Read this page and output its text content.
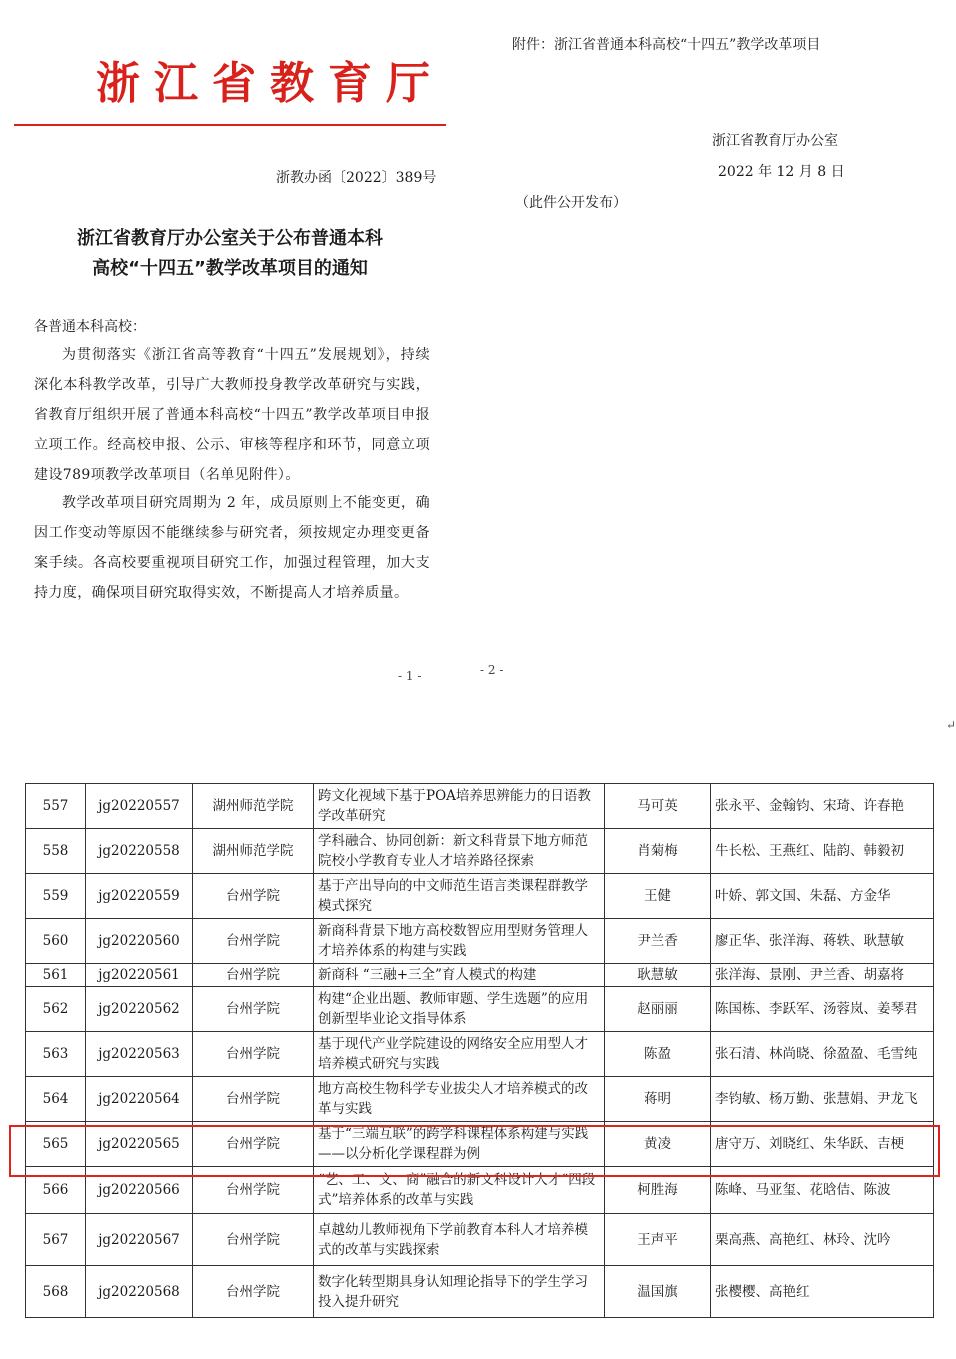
附件：浙江省普通本科高校“十四五”教学改革项目
浙江省教育厅
浙江省教育厅办公室
浙教办函〔2022〕389号	2022 年 12 月 8 日
（此件公开发布）
浙江省教育厅办公室关于公布普通本科
高校“十四五”教学改革项目的通知
各普通本科高校：
为贯彻落实《浙江省高等教育“十四五”发展规划》，持续深化本科教学改革，引导广大教师投身教学改革研究与实践，省教育厅组织开展了普通本科高校“十四五”教学改革项目申报立项工作。经高校申报、公示、审核等程序和环节，同意立项建设789项教学改革项目（名单见附件）。
教学改革项目研究周期为 2 年，成员原则上不能变更，确因工作变动等原因不能继续参与研究者，须按规定办理变更备案手续。各高校要重视项目研究工作，加强过程管理，加大支持力度，确保项目研究取得实效，不断提高人才培养质量。
- 1 -	- 2 -
↵
557	jg20220557	湖州师范学院	跨文化视域下基于POA培养思辨能力的日语教学改革研究	马可英	张永平、金翰钧、宋琦、许春艳
558	jg20220558	湖州师范学院	学科融合、协同创新：新文科背景下地方师范院校小学教育专业人才培养路径探索	肖菊梅	牛长松、王燕红、陆韵、韩毅初
559	jg20220559	台州学院	基于产出导向的中文师范生语言类课程群教学模式探究	王健	叶娇、郭文国、朱磊、方金华
560	jg20220560	台州学院	新商科背景下地方高校数智应用型财务管理人才培养体系的构建与实践	尹兰香	廖正华、张洋海、蒋轶、耿慧敏
561	jg20220561	台州学院	新商科 “三融+三全”育人模式的构建	耿慧敏	张洋海、景刚、尹兰香、胡嘉将
562	jg20220562	台州学院	构建“企业出题、教师审题、学生选题”的应用创新型毕业论文指导体系	赵丽丽	陈国栋、李跃军、汤蓉岚、姜琴君
563	jg20220563	台州学院	基于现代产业学院建设的网络安全应用型人才培养模式研究与实践	陈盈	张石清、林尚晓、徐盈盈、毛雪纯
564	jg20220564	台州学院	地方高校生物科学专业拔尖人才培养模式的改革与实践	蒋明	李钧敏、杨万勤、张慧娟、尹龙飞
565	jg20220565	台州学院	基于“三端互联”的跨学科课程体系构建与实践——以分析化学课程群为例	黄凌	唐守万、刘晓红、朱华跃、吉梗
566	jg20220566	台州学院	“艺、工、文、商”融合的新文科设计人才“四段式”培养体系的改革与实践	柯胜海	陈峰、马亚玺、花晗佶、陈波
567	jg20220567	台州学院	卓越幼儿教师视角下学前教育本科人才培养模式的改革与实践探索	王声平	栗高燕、高艳红、林玲、沈吟
568	jg20220568	台州学院	数字化转型期具身认知理论指导下的学生学习投入提升研究	温国旗	张樱樱、高艳红
